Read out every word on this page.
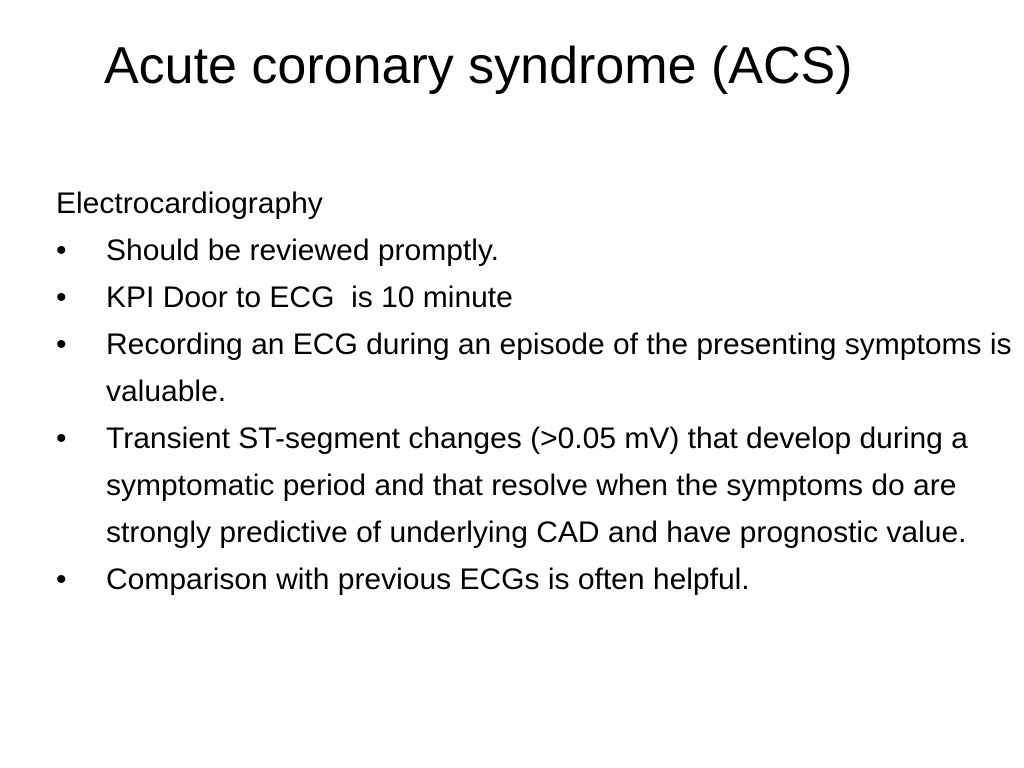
Acute coronary syndrome (ACS)
Electrocardiography
• Should be reviewed promptly.
• KPI Door to ECG  is 10 minute
• Recording an ECG during an episode of the presenting symptoms is valuable.
• Transient ST-segment changes (>0.05 mV) that develop during a symptomatic period and that resolve when the symptoms do are strongly predictive of underlying CAD and have prognostic value.
• Comparison with previous ECGs is often helpful.
